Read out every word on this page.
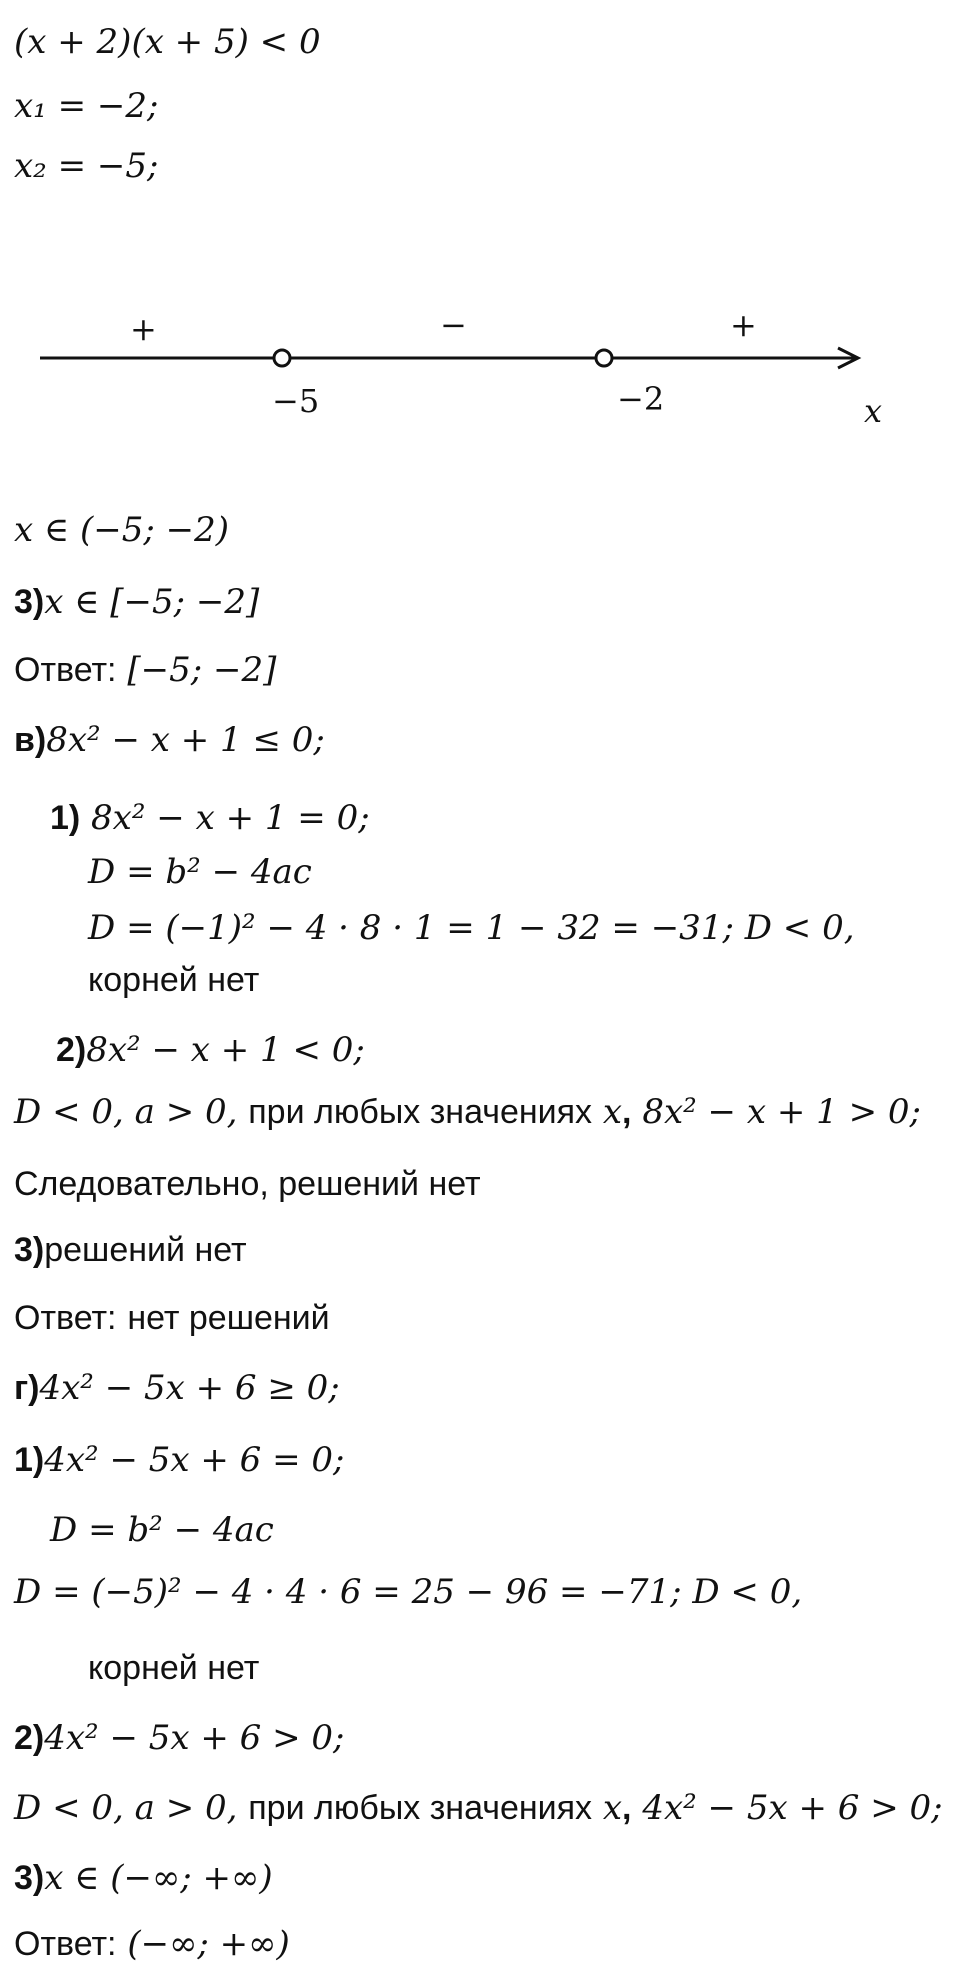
(x + 2)(x + 5) < 0
x₁ = −2;
x₂ = −5;
+	−	+
−5	−2	x
x ∈ (−5; −2)
3)x ∈ [−5; −2]
Ответ: [−5; −2]
в)8x² − x + 1 ≤ 0;
1) 8x² − x + 1 = 0;
D = b² − 4ac
D = (−1)² − 4 · 8 · 1 = 1 − 32 = −31; D < 0,
корней нет
2)8x² − x + 1 < 0;
D < 0, a > 0, при любых значениях x, 8x² − x + 1 > 0;
Следовательно, решений нет
3)решений нет
Ответ: нет решений
г)4x² − 5x + 6 ≥ 0;
1)4x² − 5x + 6 = 0;
D = b² − 4ac
D = (−5)² − 4 · 4 · 6 = 25 − 96 = −71; D < 0,
корней нет
2)4x² − 5x + 6 > 0;
D < 0, a > 0, при любых значениях x, 4x² − 5x + 6 > 0;
3)x ∈ (−∞; +∞)
Ответ: (−∞; +∞)
